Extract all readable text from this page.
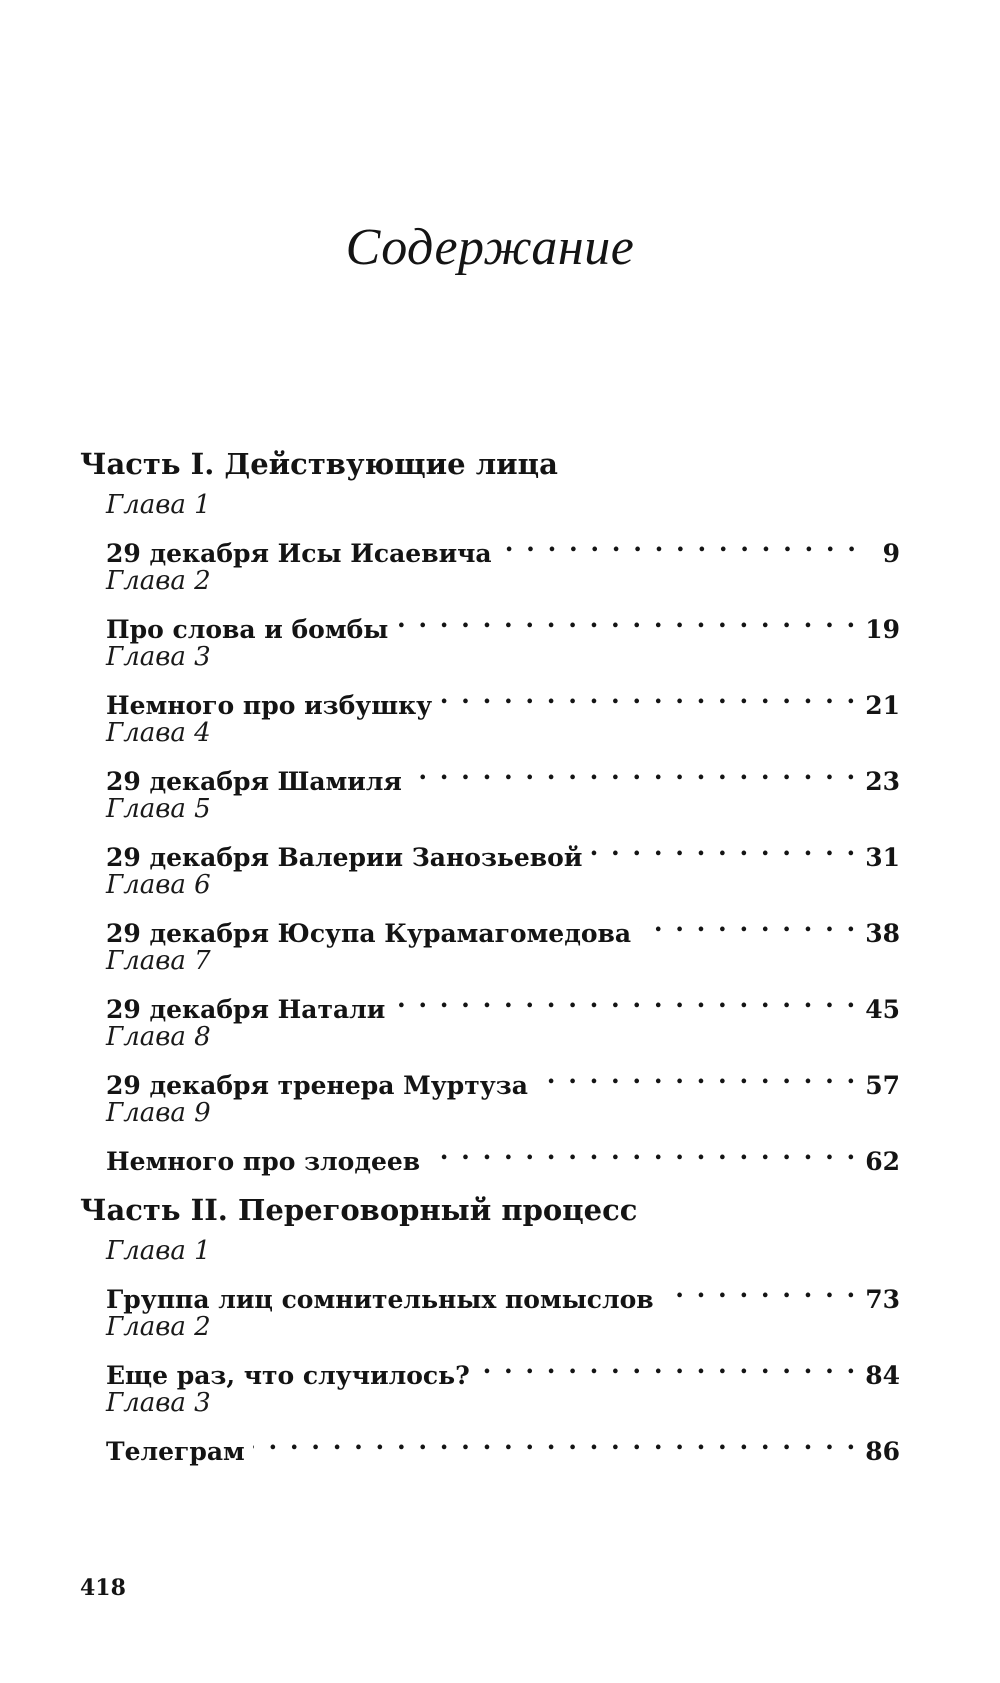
Содержание
Часть I. Действующие лица
Глава 1
29 декабря Исы Исаевича . . .	9
Глава 2
Про слова и бомбы . . .	19
Глава 3
Немного про избушку . . .	21
Глава 4
29 декабря Шамиля . . .	23
Глава 5
29 декабря Валерии Занозьевой . . .	31
Глава 6
29 декабря Юсупа Курамагомедова . . .	38
Глава 7
29 декабря Натали . . .	45
Глава 8
29 декабря тренера Муртуза . . .	57
Глава 9
Немного про злодеев . . .	62
Часть II. Переговорный процесс
Глава 1
Группа лиц сомнительных помыслов . . .	73
Глава 2
Еще раз, что случилось? . . .	84
Глава 3
Телеграм . . .	86
418
